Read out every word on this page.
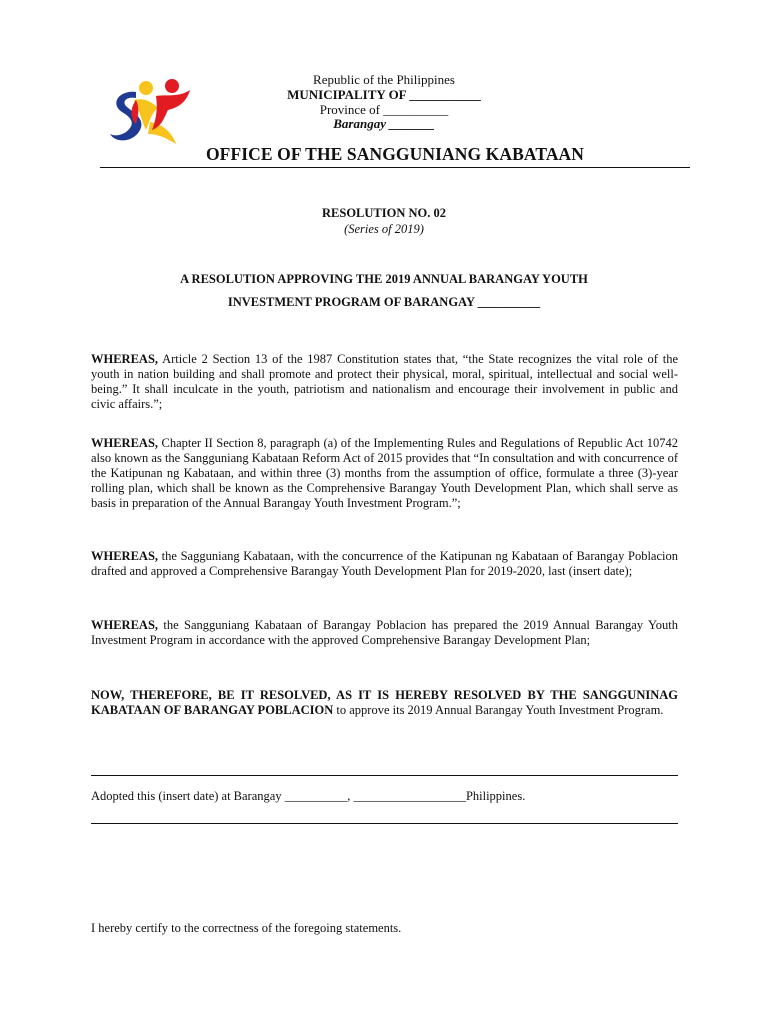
Republic of the Philippines
MUNICIPALITY OF ___________
Province of __________
Barangay _______
OFFICE OF THE SANGGUNIANG KABATAAN
RESOLUTION NO. 02
(Series of 2019)
A RESOLUTION APPROVING THE 2019 ANNUAL BARANGAY YOUTH
INVESTMENT PROGRAM OF BARANGAY __________

WHEREAS, Article 2 Section 13 of the 1987 Constitution states that, “the State recognizes the vital role of the youth in nation building and shall promote and protect their physical, moral, spiritual, intellectual and social well-being.” It shall inculcate in the youth, patriotism and nationalism and encourage their involvement in public and civic affairs.”;

WHEREAS, Chapter II Section 8, paragraph (a) of the Implementing Rules and Regulations of Republic Act 10742 also known as the Sangguniang Kabataan Reform Act of 2015 provides that “In consultation and with concurrence of the Katipunan ng Kabataan, and within three (3) months from the assumption of office, formulate a three (3)-year rolling plan, which shall be known as the Comprehensive Barangay Youth Development Plan, which shall serve as basis in preparation of the Annual Barangay Youth Investment Program.”;

WHEREAS, the Sagguniang Kabataan, with the concurrence of the Katipunan ng Kabataan of Barangay Poblacion drafted and approved a Comprehensive Barangay Youth Development Plan for 2019-2020, last (insert date);

WHEREAS, the Sangguniang Kabataan of Barangay Poblacion has prepared the 2019 Annual Barangay Youth Investment Program in accordance with the approved Comprehensive Barangay Development Plan;

NOW, THEREFORE, BE IT RESOLVED, AS IT IS HEREBY RESOLVED BY THE SANGGUNINAG KABATAAN OF BARANGAY POBLACION to approve its 2019 Annual Barangay Youth Investment Program.

Adopted this (insert date) at Barangay __________, __________________Philippines.
I hereby certify to the correctness of the foregoing statements.
